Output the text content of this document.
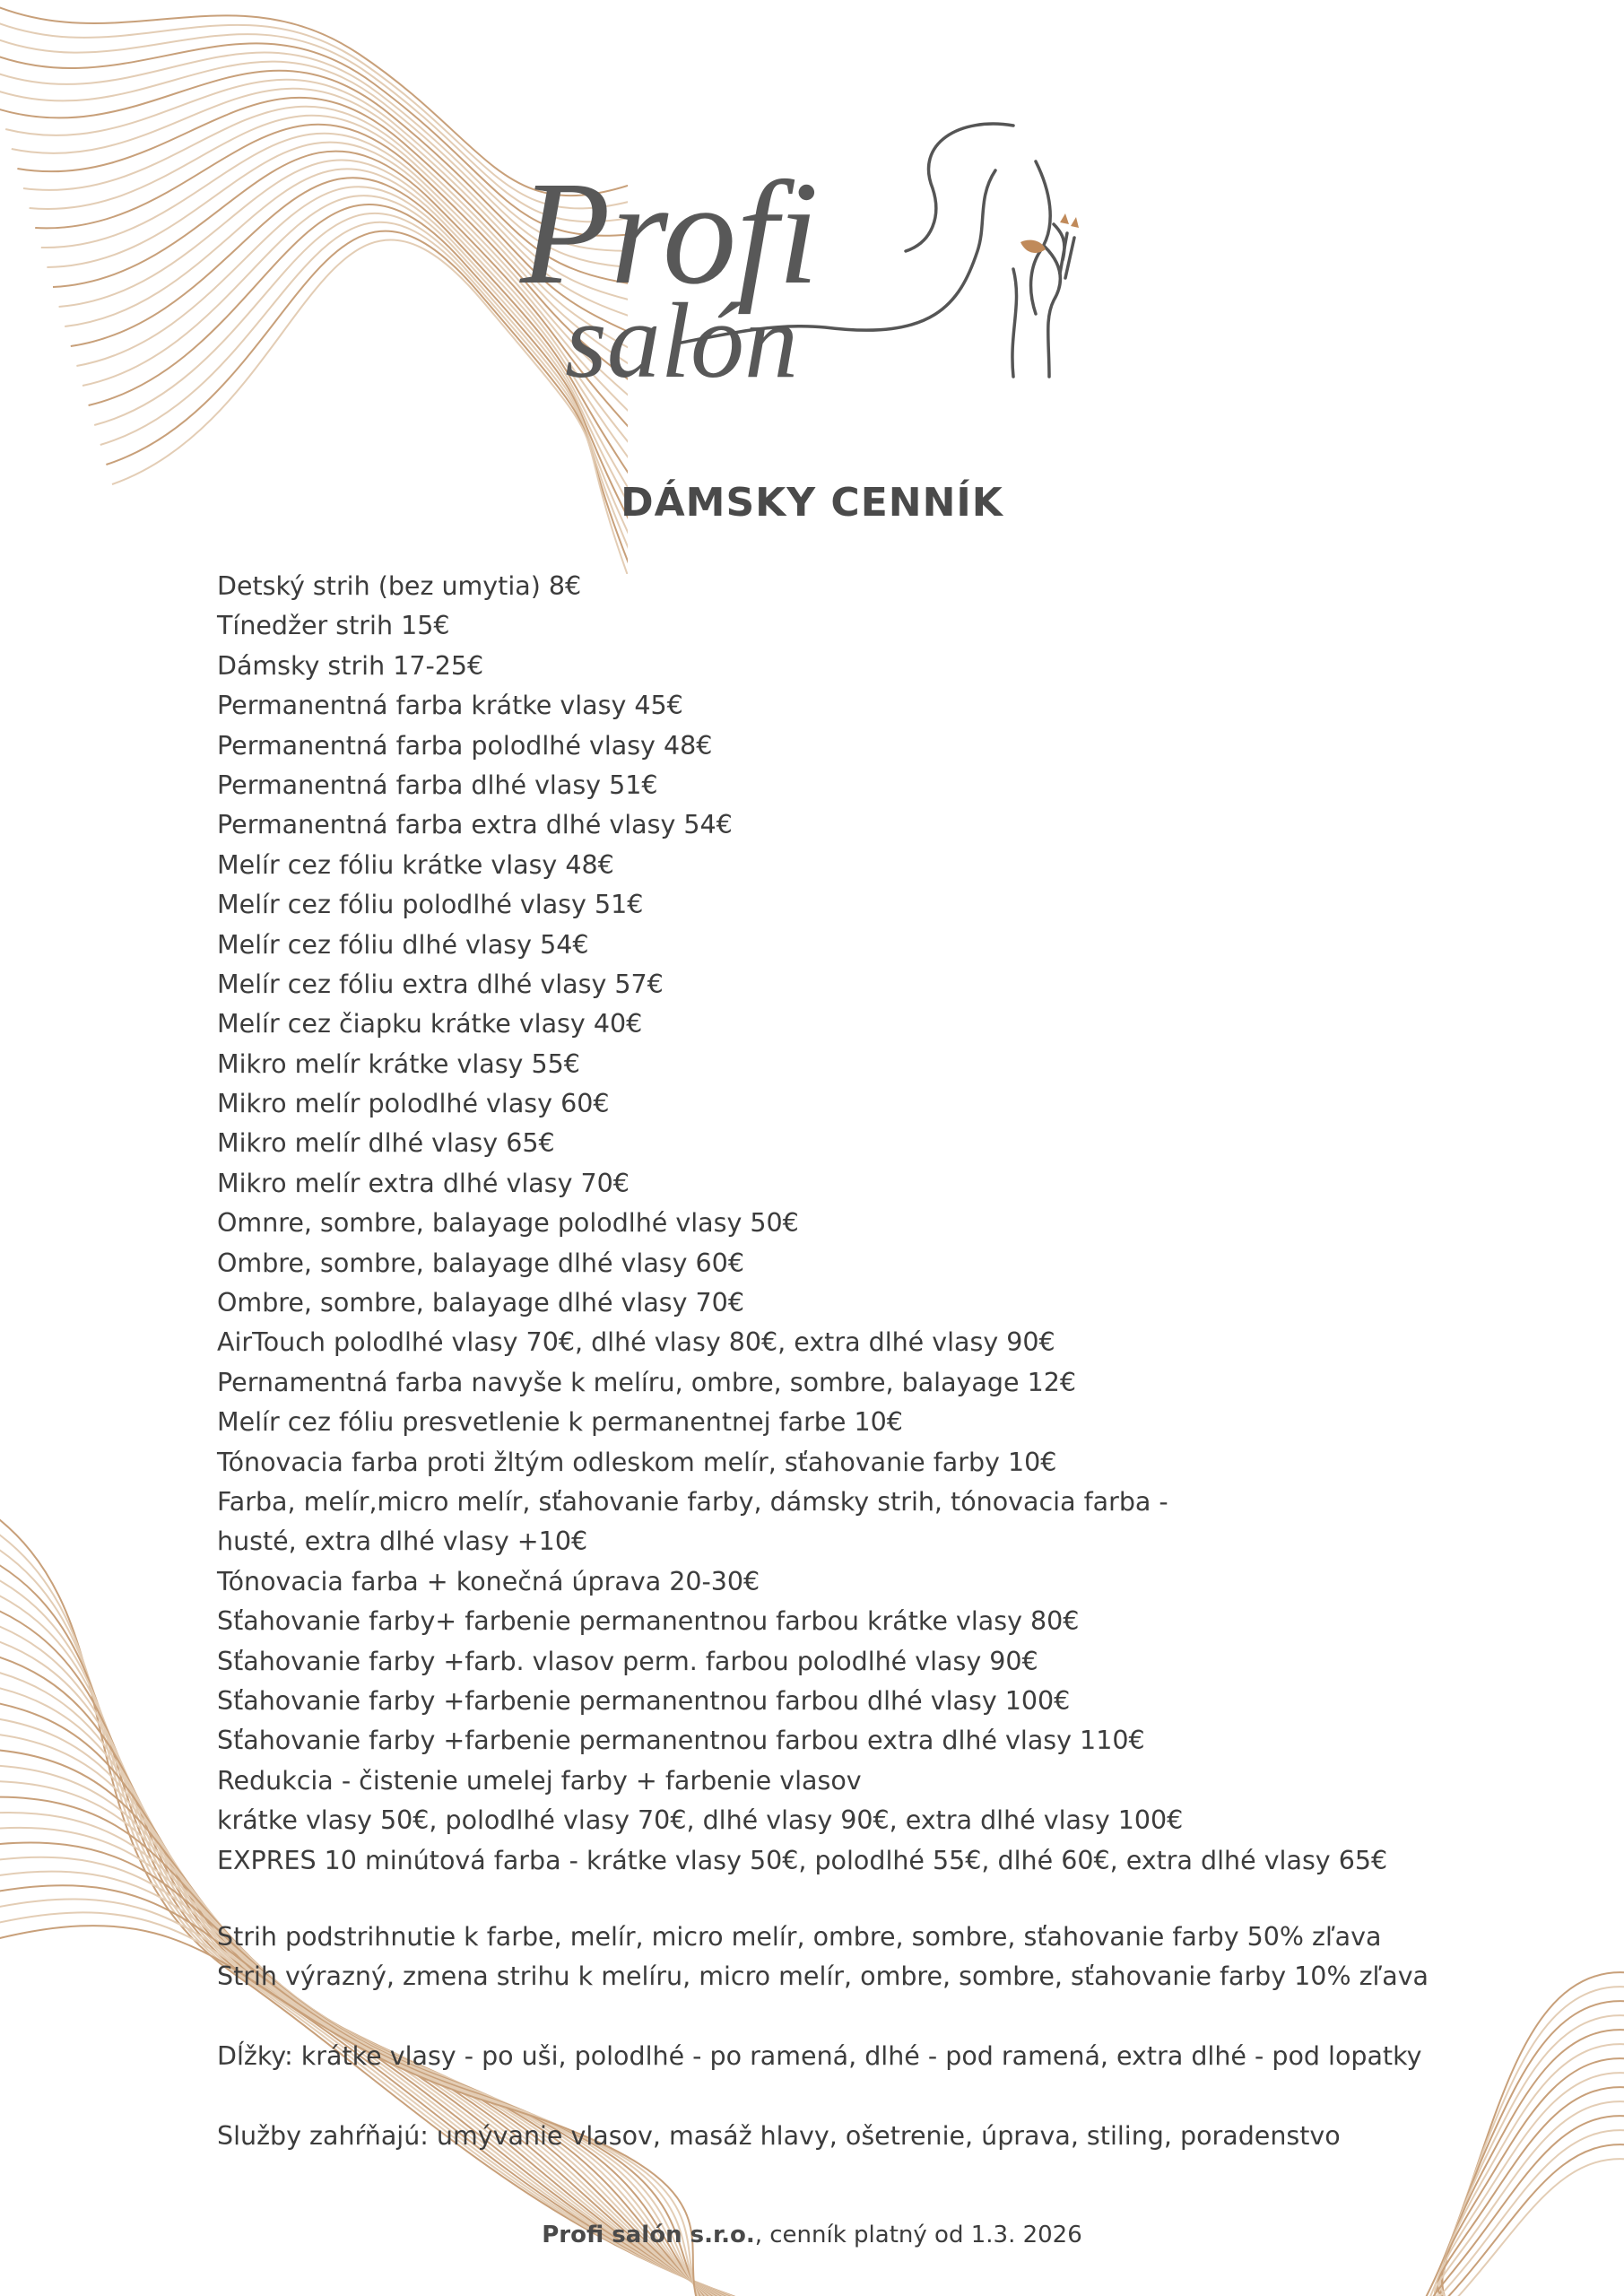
Profi
salón
DÁMSKY CENNÍK
Detský strih (bez umytia) 8€
Tínedžer strih 15€
Dámsky strih 17-25€
Permanentná farba krátke vlasy 45€
Permanentná farba polodlhé vlasy 48€
Permanentná farba dlhé vlasy 51€
Permanentná farba extra dlhé vlasy 54€
Melír cez fóliu krátke vlasy 48€
Melír cez fóliu polodlhé vlasy 51€
Melír cez fóliu dlhé vlasy 54€
Melír cez fóliu extra dlhé vlasy 57€
Melír cez čiapku krátke vlasy 40€
Mikro melír krátke vlasy 55€
Mikro melír polodlhé vlasy 60€
Mikro melír dlhé vlasy 65€
Mikro melír extra dlhé vlasy 70€
Omnre, sombre, balayage polodlhé vlasy 50€
Ombre, sombre, balayage dlhé vlasy 60€
Ombre, sombre, balayage dlhé vlasy 70€
AirTouch polodlhé vlasy 70€, dlhé vlasy 80€, extra dlhé vlasy 90€
Pernamentná farba navyše k melíru, ombre, sombre, balayage 12€
Melír cez fóliu presvetlenie k permanentnej farbe 10€
Tónovacia farba proti žltým odleskom melír, sťahovanie farby 10€
Farba, melír,micro melír, sťahovanie farby, dámsky strih, tónovacia farba -
husté, extra dlhé vlasy +10€
Tónovacia farba + konečná úprava 20-30€
Sťahovanie farby+ farbenie permanentnou farbou krátke vlasy 80€
Sťahovanie farby +farb. vlasov perm. farbou polodlhé vlasy 90€
Sťahovanie farby +farbenie permanentnou farbou dlhé vlasy 100€
Sťahovanie farby +farbenie permanentnou farbou extra dlhé vlasy 110€
Redukcia - čistenie umelej farby + farbenie vlasov
krátke vlasy 50€, polodlhé vlasy 70€, dlhé vlasy 90€, extra dlhé vlasy 100€
EXPRES 10 minútová farba - krátke vlasy 50€, polodlhé 55€, dlhé 60€, extra dlhé vlasy 65€
Strih podstrihnutie k farbe, melír, micro melír, ombre, sombre, sťahovanie farby 50% zľava
Strih výrazný, zmena strihu k melíru, micro melír, ombre, sombre, sťahovanie farby 10% zľava
Dĺžky: krátke vlasy - po uši, polodlhé - po ramená, dlhé - pod ramená, extra dlhé - pod lopatky
Služby zahŕňajú: umývanie vlasov, masáž hlavy, ošetrenie, úprava, stiling, poradenstvo
Profi salón s.r.o., cenník platný od 1.3. 2026
